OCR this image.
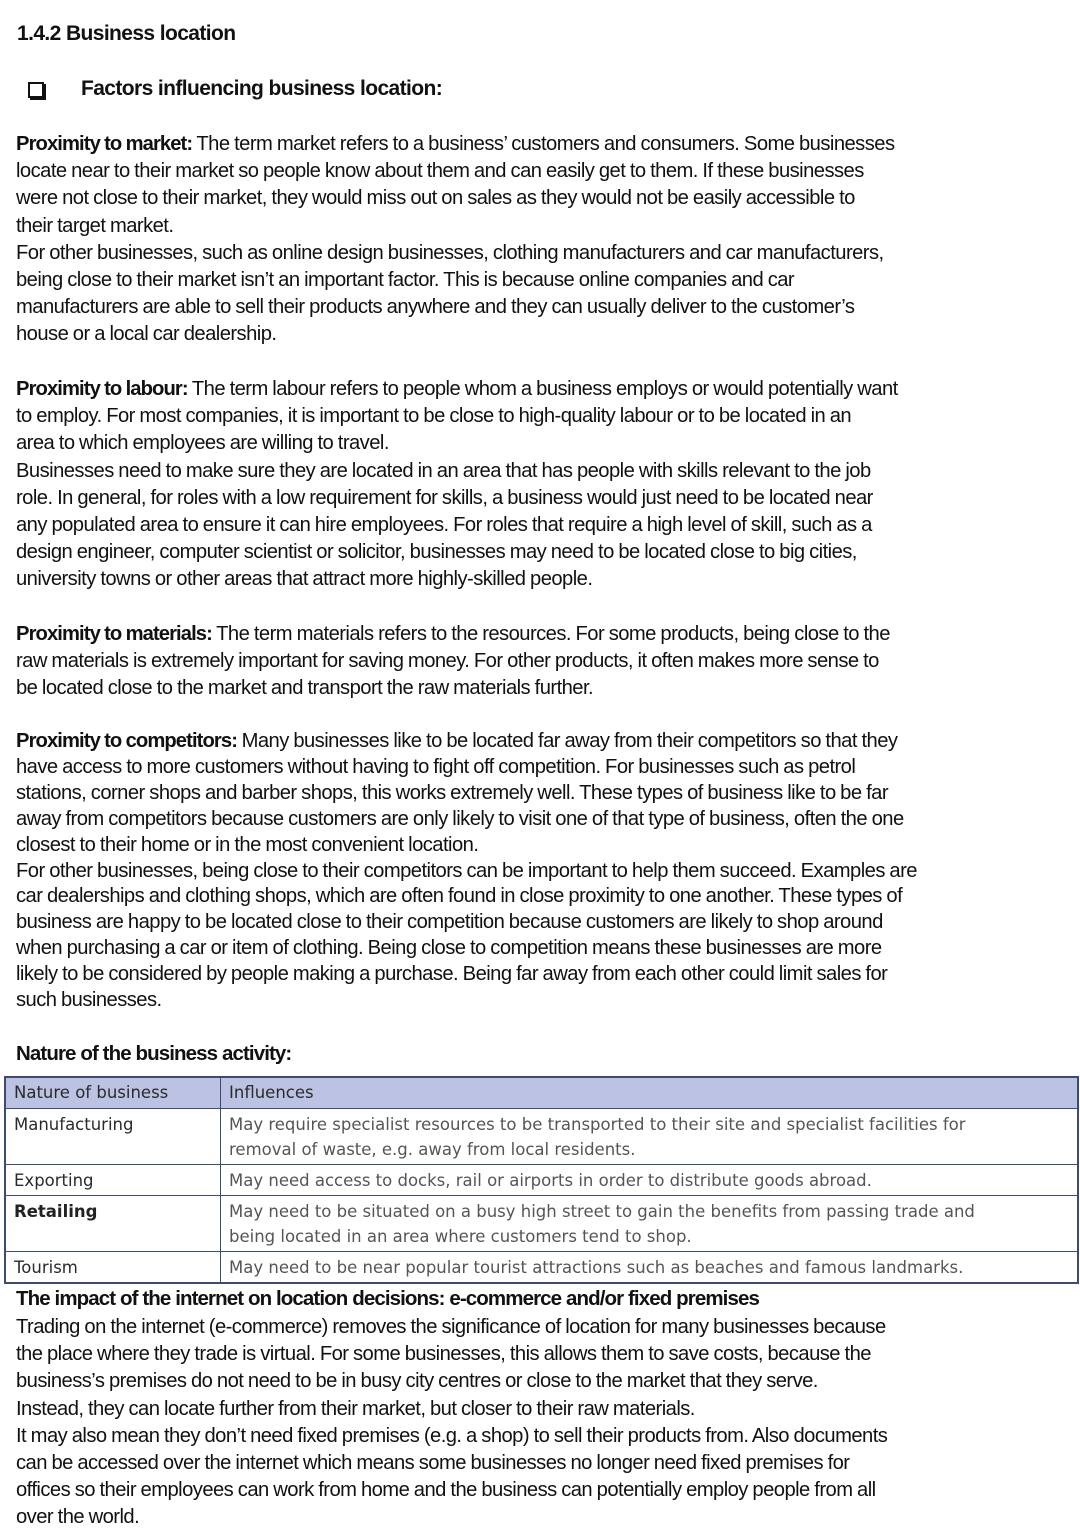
1.4.2 Business location
Factors influencing business location:
Proximity to market: The term market refers to a business’ customers and consumers. Some businesses
locate near to their market so people know about them and can easily get to them. If these businesses
were not close to their market, they would miss out on sales as they would not be easily accessible to
their target market.
For other businesses, such as online design businesses, clothing manufacturers and car manufacturers,
being close to their market isn’t an important factor. This is because online companies and car
manufacturers are able to sell their products anywhere and they can usually deliver to the customer’s
house or a local car dealership.
Proximity to labour: The term labour refers to people whom a business employs or would potentially want
to employ. For most companies, it is important to be close to high-quality labour or to be located in an
area to which employees are willing to travel.
Businesses need to make sure they are located in an area that has people with skills relevant to the job
role. In general, for roles with a low requirement for skills, a business would just need to be located near
any populated area to ensure it can hire employees. For roles that require a high level of skill, such as a
design engineer, computer scientist or solicitor, businesses may need to be located close to big cities,
university towns or other areas that attract more highly-skilled people.
Proximity to materials: The term materials refers to the resources. For some products, being close to the
raw materials is extremely important for saving money. For other products, it often makes more sense to
be located close to the market and transport the raw materials further.
Proximity to competitors: Many businesses like to be located far away from their competitors so that they
have access to more customers without having to fight off competition. For businesses such as petrol
stations, corner shops and barber shops, this works extremely well. These types of business like to be far
away from competitors because customers are only likely to visit one of that type of business, often the one
closest to their home or in the most convenient location.
For other businesses, being close to their competitors can be important to help them succeed. Examples are
car dealerships and clothing shops, which are often found in close proximity to one another. These types of
business are happy to be located close to their competition because customers are likely to shop around
when purchasing a car or item of clothing. Being close to competition means these businesses are more
likely to be considered by people making a purchase. Being far away from each other could limit sales for
such businesses.
Nature of the business activity:
Nature of business	Influences
Manufacturing	May require specialist resources to be transported to their site and specialist facilities for
removal of waste, e.g. away from local residents.

Exporting	May need access to docks, rail or airports in order to distribute goods abroad.

Retailing	May need to be situated on a busy high street to gain the benefits from passing trade and
being located in an area where customers tend to shop.

Tourism	May need to be near popular tourist attractions such as beaches and famous landmarks.
The impact of the internet on location decisions: e-commerce and/or fixed premises
Trading on the internet (e-commerce) removes the significance of location for many businesses because
the place where they trade is virtual. For some businesses, this allows them to save costs, because the
business’s premises do not need to be in busy city centres or close to the market that they serve.
Instead, they can locate further from their market, but closer to their raw materials.
It may also mean they don’t need fixed premises (e.g. a shop) to sell their products from. Also documents
can be accessed over the internet which means some businesses no longer need fixed premises for
offices so their employees can work from home and the business can potentially employ people from all
over the world.
